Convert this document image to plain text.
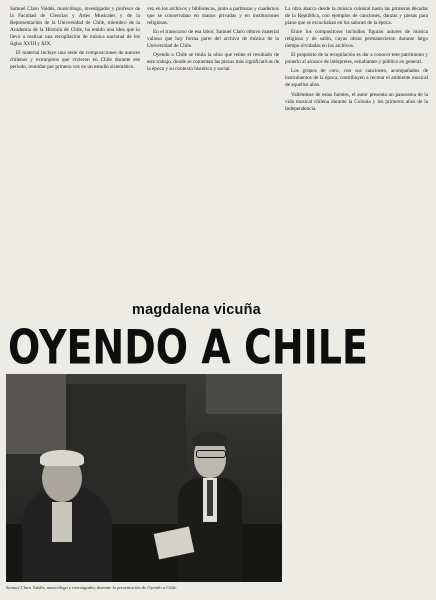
Samuel Claro Valdés, musicólogo, investigador y profesor de la Facultad de Ciencias y Artes Musicales y de la Representación de la Universidad de Chile, miembro de la Academia de la Historia de Chile, ha tenido una idea que lo llevó a realizar una recopilación de música nacional de los siglos XVIII y XIX.

El material incluye una serie de composiciones de autores chilenos y extranjeros que vivieron en Chile durante ese período, reunidas por primera vez en un estudio sistemático.

vez en los archivos y bibliotecas, junto a partituras y cuadernos que se conservaban en manos privadas y en instituciones religiosas.

En el transcurso de esa labor, Samuel Claro obtuvo material valioso que hoy forma parte del archivo de música de la Universidad de Chile.

Oyendo a Chile se titula la obra que reúne el resultado de este trabajo, donde se comentan las piezas más significativas de la época y su contexto histórico y social.

La obra abarca desde la música colonial hasta las primeras décadas de la República, con ejemplos de canciones, danzas y piezas para piano que se escuchaban en los salones de la época.

Entre los compositores incluidos figuran autores de música religiosa y de salón, cuyas obras permanecieron durante largo tiempo olvidadas en los archivos.

El propósito de la recopilación es dar a conocer este patrimonio y ponerlo al alcance de intérpretes, estudiantes y público en general.

Los grupos de coro, con sus canciones, acompañados de instrumentos de la época, contribuyen a recrear el ambiente musical de aquellos años.

Valiéndose de estas fuentes, el autor presenta un panorama de la vida musical chilena durante la Colonia y los primeros años de la Independencia.

magdalena vicuña
OYENDO A CHILE
Samuel Claro Valdés, musicólogo e investigador, durante la presentación de Oyendo a Chile.
